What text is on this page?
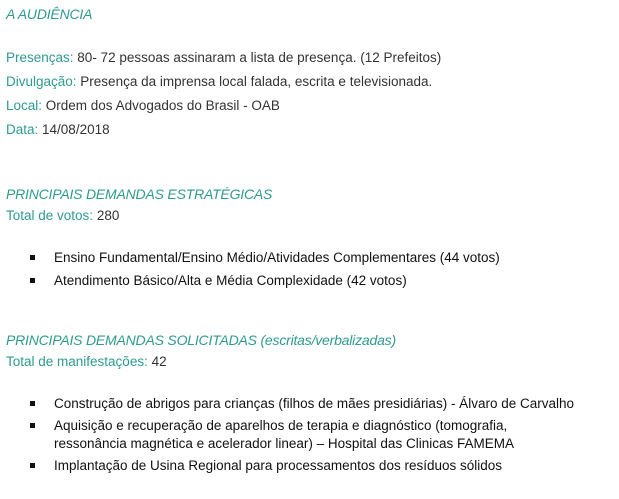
A AUDIÊNCIA
Presenças: 80- 72 pessoas assinaram a lista de presença. (12 Prefeitos)
Divulgação: Presença da imprensa local falada, escrita e televisionada.
Local: Ordem dos Advogados do Brasil - OAB
Data: 14/08/2018
PRINCIPAIS DEMANDAS ESTRATÉGICAS
Total de votos: 280
Ensino Fundamental/Ensino Médio/Atividades Complementares (44 votos)
Atendimento Básico/Alta e Média Complexidade (42 votos)
PRINCIPAIS DEMANDAS SOLICITADAS (escritas/verbalizadas)
Total de manifestações: 42
Construção de abrigos para crianças (filhos de mães presidiárias) - Álvaro de Carvalho
Aquisição e recuperação de aparelhos de terapia e diagnóstico (tomografia,
ressonância magnética e acelerador linear) – Hospital das Clinicas FAMEMA
Implantação de Usina Regional para processamentos dos resíduos sólidos
